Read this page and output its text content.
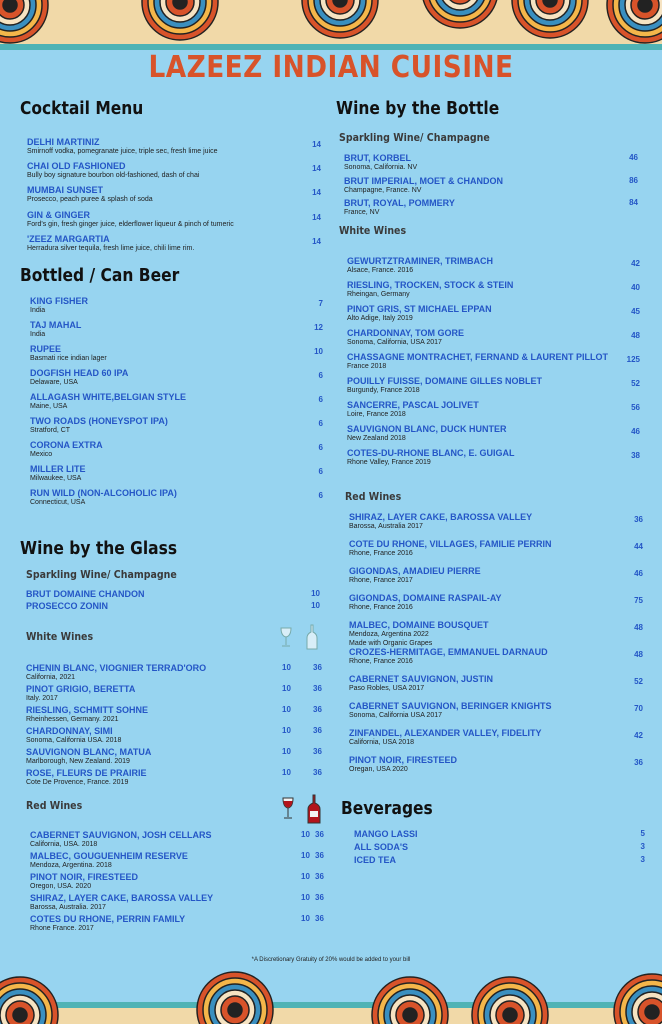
LAZEEZ INDIAN CUISINE
Cocktail Menu
DELHI MARTINIZ
Smirnoff vodka, pomegranate juice, triple sec, fresh lime juice
14
CHAI OLD FASHIONED
Bully boy signature bourbon old-fashioned, dash of chai
14
MUMBAI SUNSET
Prosecco, peach puree & splash of soda
14
GIN & GINGER
Ford's gin, fresh ginger juice, elderflower liqueur & pinch of tumeric
14
'ZEEZ MARGARTIA
Herradura silver tequila, fresh lime juice, chili lime rim.
14
Bottled / Can Beer
KING FISHER
India
7
TAJ MAHAL
India
12
RUPEE
Basmati rice indian lager
10
DOGFISH HEAD 60 IPA
Delaware, USA
6
ALLAGASH WHITE,BELGIAN STYLE
Maine, USA
6
TWO ROADS (HONEYSPOT IPA)
Stratford, CT
6
CORONA EXTRA
Mexico
6
MILLER LITE
Milwaukee, USA
6
RUN WILD (NON-ALCOHOLIC IPA)
Connecticut, USA
6
Wine by the Glass
Sparkling Wine/ Champagne
BRUT DOMAINE CHANDON	10
PROSECCO ZONIN	10
White Wines
CHENIN BLANC, VIOGNIER TERRAD'ORO
California, 2021
10	36
PINOT GRIGIO, BERETTA
Italy. 2017
10	36
RIESLING, SCHMITT SOHNE
Rheinhessen, Germany. 2021
10	36
CHARDONNAY, SIMI
Sonoma, California USA. 2018
10	36
SAUVIGNON BLANC, MATUA
Marlborough, New Zealand. 2019
10	36
ROSE, FLEURS DE PRAIRIE
Cote De Provence, France. 2019
10	36
Red Wines
CABERNET SAUVIGNON, JOSH CELLARS
California, USA. 2018
10 36
MALBEC, GOUGUENHEIM RESERVE
Mendoza, Argentina. 2018
10 36
PINOT NOIR, FIRESTEED
Oregon, USA. 2020
10 36
SHIRAZ, LAYER CAKE, BAROSSA VALLEY
Barossa, Australia. 2017
10 36
COTES DU RHONE, PERRIN FAMILY
Rhone France. 2017
10 36
Wine by the Bottle
Sparkling Wine/ Champagne
BRUT, KORBEL
Sonoma, California. NV
46
BRUT IMPERIAL, MOET & CHANDON
Champagne, France. NV
86
BRUT, ROYAL, POMMERY
France, NV
84
White Wines
GEWURTZTRAMINER, TRIMBACH
Alsace, France. 2016
42
RIESLING, TROCKEN, STOCK & STEIN
Rheingan, Germany
40
PINOT GRIS, ST MICHAEL EPPAN
Alto Adige, Italy 2019
45
CHARDONNAY, TOM GORE
Sonoma, California, USA 2017
48
CHASSAGNE MONTRACHET, FERNAND & LAURENT PILLOT
France 2018
125
POUILLY FUISSE, DOMAINE GILLES NOBLET
Burgundy, France 2018
52
SANCERRE, PASCAL JOLIVET
Loire, France 2018
56
SAUVIGNON BLANC, DUCK HUNTER
New Zealand 2018
46
COTES-DU-RHONE BLANC, E. GUIGAL
Rhone Valley, France 2019
38
Red Wines
SHIRAZ, LAYER CAKE, BAROSSA VALLEY
Barossa, Australia 2017
36
COTE DU RHONE, VILLAGES, FAMILIE PERRIN
Rhone, France 2016
44
GIGONDAS, AMADIEU PIERRE
Rhone, France 2017
46
GIGONDAS, DOMAINE RASPAIL-AY
Rhone, France 2016
75
MALBEC, DOMAINE BOUSQUET
Mendoza, Argentina 2022
Made with Organic Grapes
48
CROZES-HERMITAGE, EMMANUEL DARNAUD
Rhone, France 2016
48
CABERNET SAUVIGNON, JUSTIN
Paso Robles, USA 2017
52
CABERNET SAUVIGNON, BERINGER KNIGHTS
Sonoma, California USA 2017
70
ZINFANDEL, ALEXANDER VALLEY, FIDELITY
California, USA 2018
42
PINOT NOIR, FIRESTEED
Oregan, USA 2020
36
Beverages
MANGO LASSI	5
ALL SODA'S	3
ICED TEA	3
*A Discretionary Gratuity of 20% would be added to your bill
